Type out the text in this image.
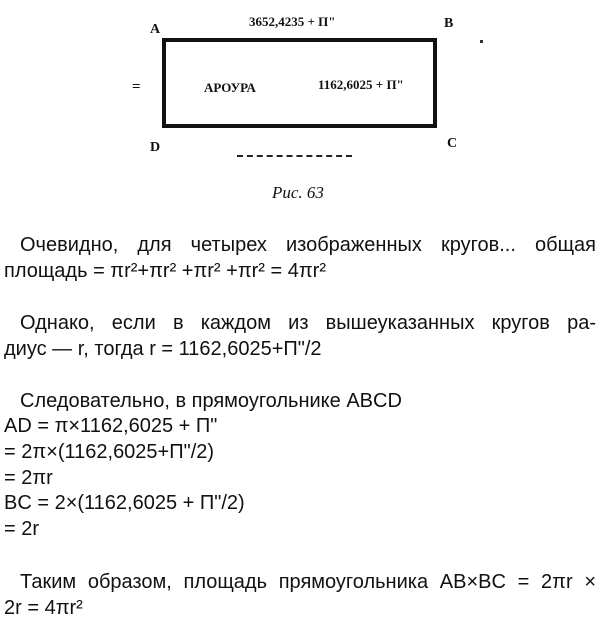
A	B
C
D
3652,4235 + П"
=	АРОУРА	1162,6025 + П"
Рис. 63
Очевидно, для четырех изображенных кругов... общая
площадь = πr²+πr² +πr² +πr² = 4πr²
Однако, если в каждом из вышеуказанных кругов ра-
диус — r, тогда r = 1162,6025+П"/2
Следовательно, в прямоугольнике ABCD
AD = π×1162,6025 + П"
= 2π×(1162,6025+П"/2)
= 2πr
BC = 2×(1162,6025 + П"/2)
= 2r
Таким образом, площадь прямоугольника AB×BC = 2πr ×
2r = 4πr²
